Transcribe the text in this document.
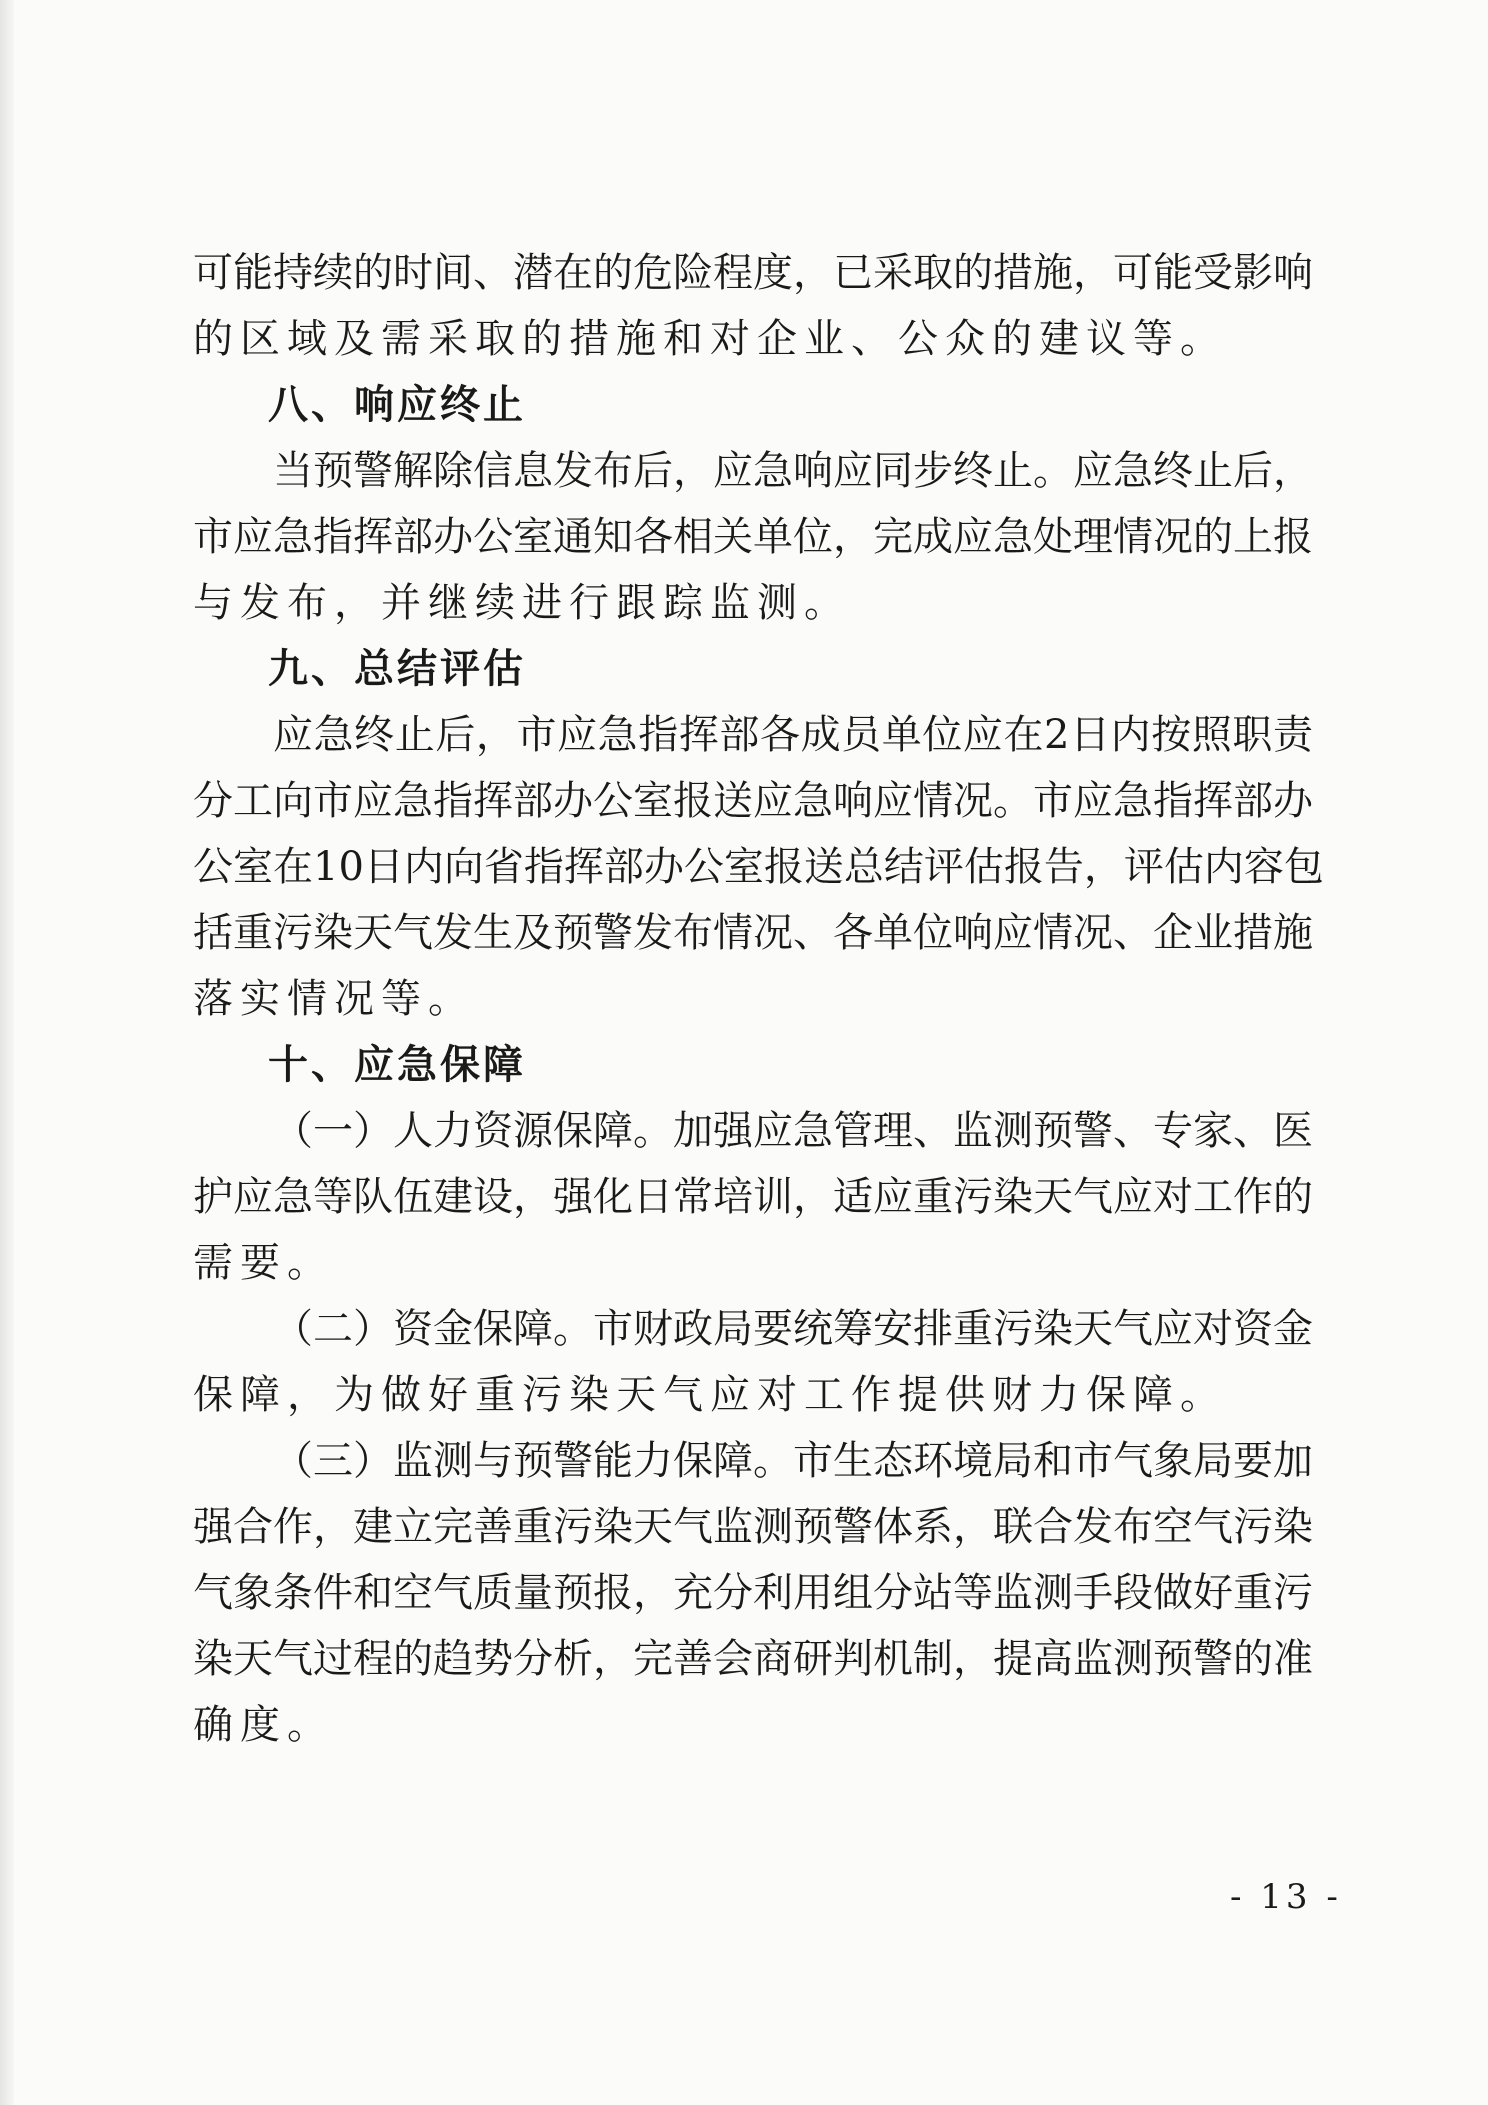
可能持续的时间、潜在的危险程度，已采取的措施，可能受影响
的区域及需采取的措施和对企业、公众的建议等。
八、响应终止
当预警解除信息发布后，应急响应同步终止。应急终止后，
市应急指挥部办公室通知各相关单位，完成应急处理情况的上报
与发布，并继续进行跟踪监测。
九、总结评估
应急终止后，市应急指挥部各成员单位应在2日内按照职责
分工向市应急指挥部办公室报送应急响应情况。市应急指挥部办
公室在10日内向省指挥部办公室报送总结评估报告，评估内容包
括重污染天气发生及预警发布情况、各单位响应情况、企业措施
落实情况等。
十、应急保障
（一）人力资源保障。加强应急管理、监测预警、专家、医
护应急等队伍建设，强化日常培训，适应重污染天气应对工作的
需要。
（二）资金保障。市财政局要统筹安排重污染天气应对资金
保障，为做好重污染天气应对工作提供财力保障。
（三）监测与预警能力保障。市生态环境局和市气象局要加
强合作，建立完善重污染天气监测预警体系，联合发布空气污染
气象条件和空气质量预报，充分利用组分站等监测手段做好重污
染天气过程的趋势分析，完善会商研判机制，提高监测预警的准
确度。
- 13 -
